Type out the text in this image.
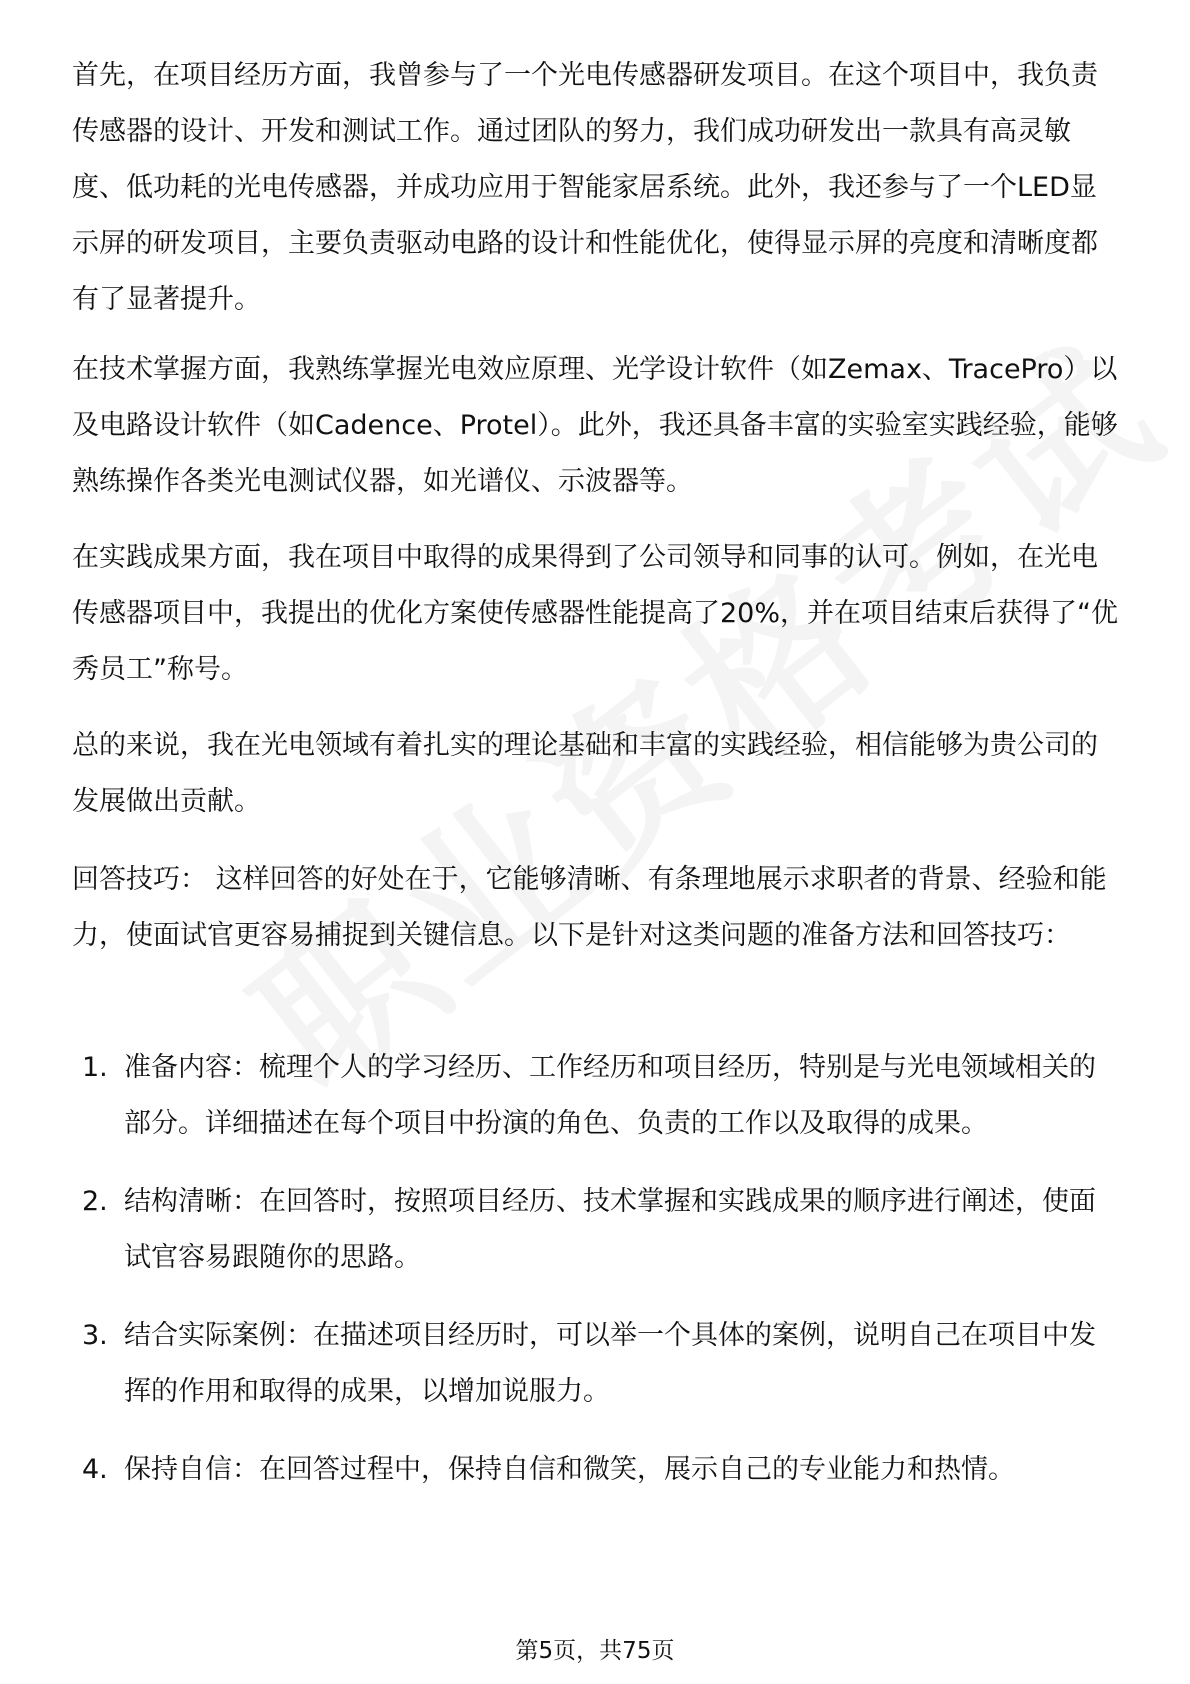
首先，在项目经历方面，我曾参与了一个光电传感器研发项目。在这个项目中，我负责传感器的设计、开发和测试工作。通过团队的努力，我们成功研发出一款具有高灵敏度、低功耗的光电传感器，并成功应用于智能家居系统。此外，我还参与了一个LED显示屏的研发项目，主要负责驱动电路的设计和性能优化，使得显示屏的亮度和清晰度都有了显著提升。

在技术掌握方面，我熟练掌握光电效应原理、光学设计软件（如Zemax、TracePro）以及电路设计软件（如Cadence、Protel）。此外，我还具备丰富的实验室实践经验，能够熟练操作各类光电测试仪器，如光谱仪、示波器等。

在实践成果方面，我在项目中取得的成果得到了公司领导和同事的认可。例如，在光电传感器项目中，我提出的优化方案使传感器性能提高了20%，并在项目结束后获得了“优秀员工”称号。

总的来说，我在光电领域有着扎实的理论基础和丰富的实践经验，相信能够为贵公司的发展做出贡献。

回答技巧： 这样回答的好处在于，它能够清晰、有条理地展示求职者的背景、经验和能力，使面试官更容易捕捉到关键信息。以下是针对这类问题的准备方法和回答技巧：

1. 准备内容：梳理个人的学习经历、工作经历和项目经历，特别是与光电领域相关的部分。详细描述在每个项目中扮演的角色、负责的工作以及取得的成果。
2. 结构清晰：在回答时，按照项目经历、技术掌握和实践成果的顺序进行阐述，使面试官容易跟随你的思路。
3. 结合实际案例：在描述项目经历时，可以举一个具体的案例，说明自己在项目中发挥的作用和取得的成果，以增加说服力。
4. 保持自信：在回答过程中，保持自信和微笑，展示自己的专业能力和热情。
第5页，共75页
